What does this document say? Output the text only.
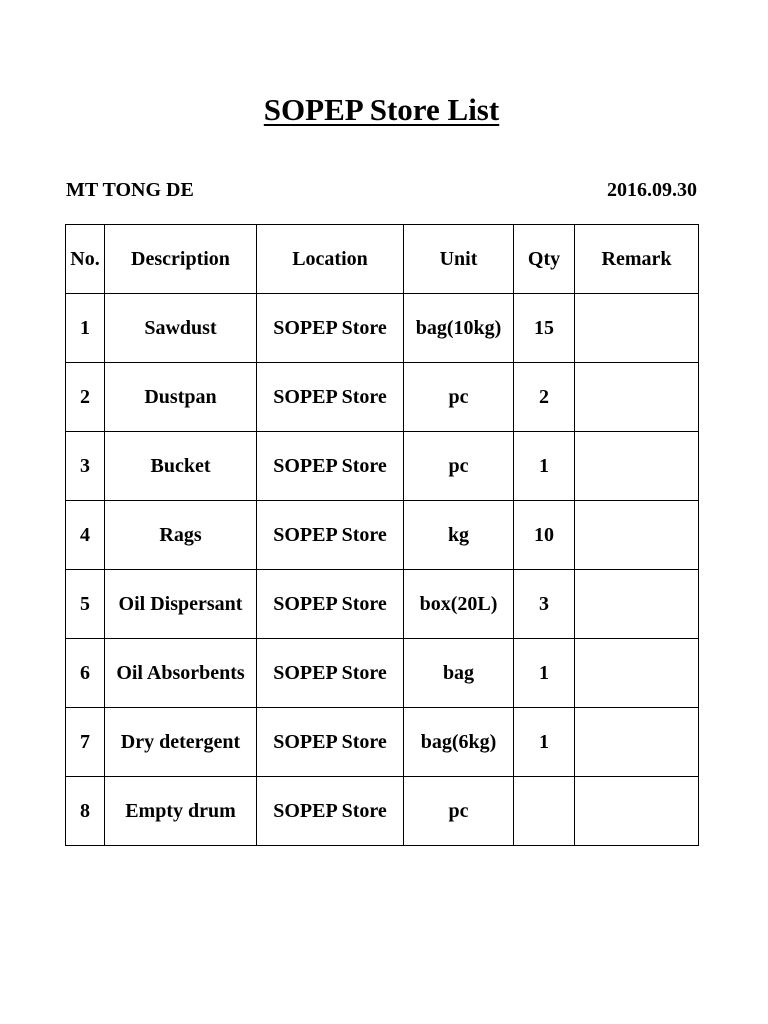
SOPEP Store List
MT TONG DE	2016.09.30
No.	Description	Location	Unit	Qty	Remark
1	Sawdust	SOPEP Store	bag(10kg)	15	
2	Dustpan	SOPEP Store	pc	2	
3	Bucket	SOPEP Store	pc	1	
4	Rags	SOPEP Store	kg	10	
5	Oil Dispersant	SOPEP Store	box(20L)	3	
6	Oil Absorbents	SOPEP Store	bag	1	
7	Dry detergent	SOPEP Store	bag(6kg)	1	
8	Empty drum	SOPEP Store	pc		
